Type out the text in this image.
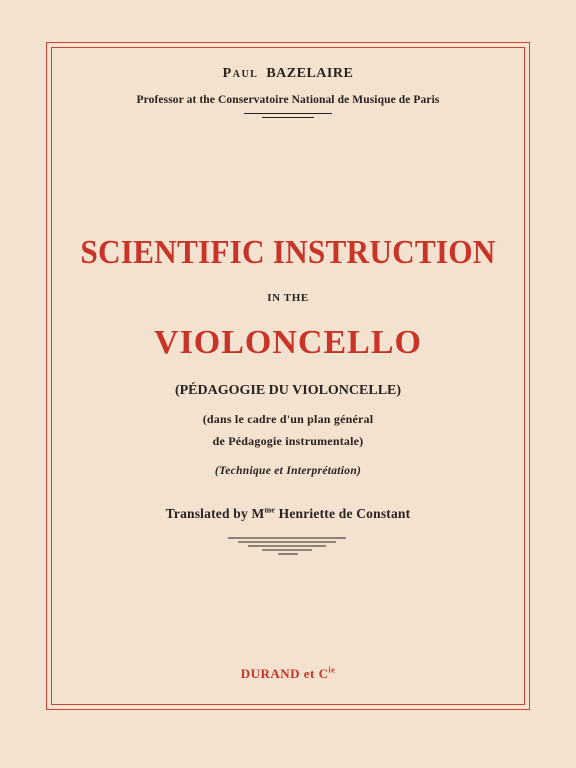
Paul BAZELAIRE
Professor at the Conservatoire National de Musique de Paris
SCIENTIFIC INSTRUCTION
IN THE
VIOLONCELLO
(PÉDAGOGIE DU VIOLONCELLE)
(dans le cadre d'un plan général
de Pédagogie instrumentale)
(Technique et Interprétation)
Translated by $M^{me}$ Henriette de Constant
DURAND et $C^{ie}$
